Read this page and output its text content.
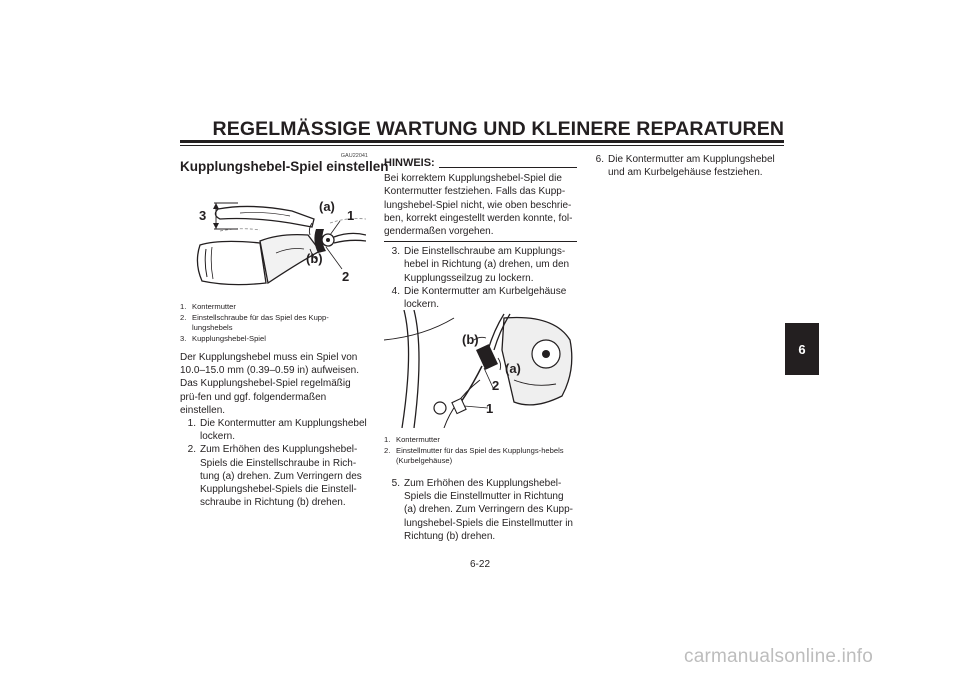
REGELMÄSSIGE WARTUNG UND KLEINERE REPARATUREN
6
GAU22041
Kupplungshebel-Spiel einstellen
3
(a)
1
(b)
2
1. Kontermutter
2. Einstellschraube für das Spiel des Kupp-lungshebels
3. Kupplungshebel-Spiel

Der Kupplungshebel muss ein Spiel von 10.0–15.0 mm (0.39–0.59 in) aufweisen. Das Kupplungshebel-Spiel regelmäßig prü-fen und ggf. folgendermaßen einstellen.

1. Die Kontermutter am Kupplungshebel lockern.
2. Zum Erhöhen des Kupplungshebel-Spiels die Einstellschraube in Rich-tung (a) drehen. Zum Verringern des Kupplungshebel-Spiels die Einstell-schraube in Richtung (b) drehen.
HINWEIS:

Bei korrektem Kupplungshebel-Spiel die Kontermutter festziehen. Falls das Kupp-lungshebel-Spiel nicht, wie oben beschrie-ben, korrekt eingestellt werden konnte, fol-gendermaßen vorgehen.

3. Die Einstellschraube am Kupplungs-hebel in Richtung (a) drehen, um den Kupplungsseilzug zu lockern.
4. Die Kontermutter am Kurbelgehäuse lockern.
(b)
(a)
2
1
1. Kontermutter
2. Einstellmutter für das Spiel des Kupplungs-hebels (Kurbelgehäuse)
5. Zum Erhöhen des Kupplungshebel-Spiels die Einstellmutter in Richtung (a) drehen. Zum Verringern des Kupp-lungshebel-Spiels die Einstellmutter in Richtung (b) drehen.
6. Die Kontermutter am Kupplungshebel und am Kurbelgehäuse festziehen.
6-22
carmanualsonline.info
